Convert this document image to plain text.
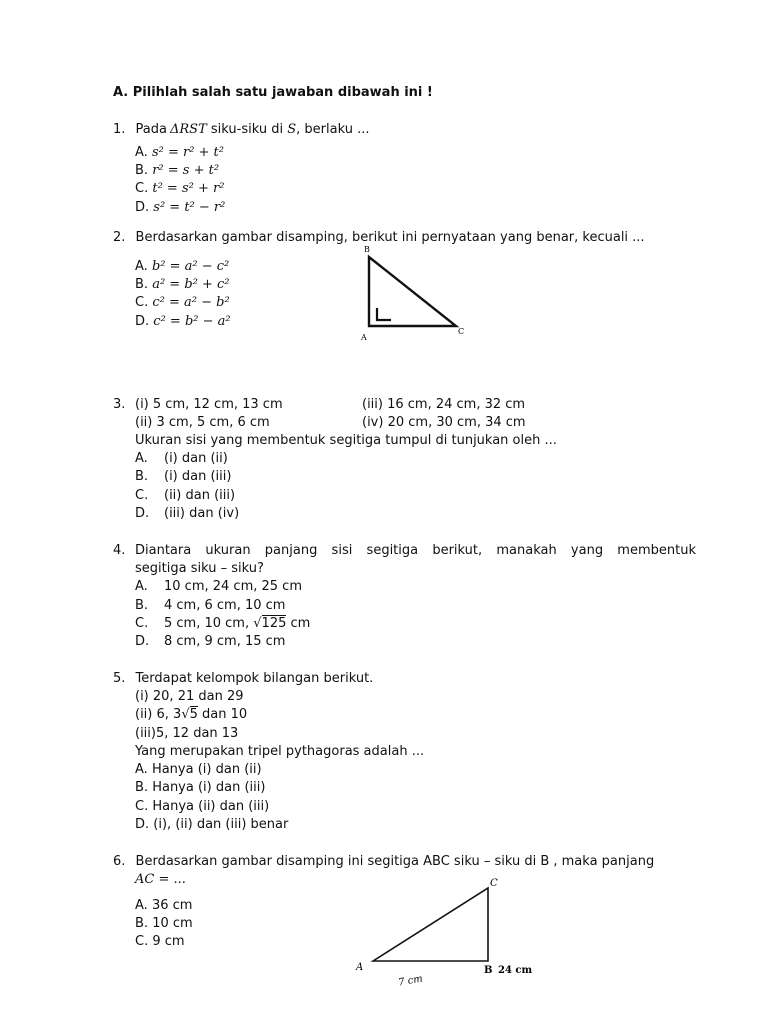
A. Pilihlah salah satu jawaban dibawah ini !
1. Pada ΔRST siku-siku di S, berlaku ...
A. s² = r² + t²
B. r² = s + t²
C. t² = s² + r²
D. s² = t² − r²
2. Berdasarkan gambar disamping, berikut ini pernyataan yang benar, kecuali ...
A. b² = a² − c²
B. a² = b² + c²
C. c² = a² − b²
D. c² = b² − a²
B
A
C
3. (i) 5 cm, 12 cm, 13 cm
(ii) 3 cm, 5 cm, 6 cm
(iii) 16 cm, 24 cm, 32 cm
(iv) 20 cm, 30 cm, 34 cm
Ukuran sisi yang membentuk segitiga tumpul di tunjukan oleh ...
A. (i) dan (ii)
B. (i) dan (iii)
C. (ii) dan (iii)
D. (iii) dan (iv)
4. Diantara ukuran panjang sisi segitiga berikut, manakah yang membentuk
segitiga siku – siku?
A. 10 cm, 24 cm, 25 cm
B. 4 cm, 6 cm, 10 cm
C. 5 cm, 10 cm, √125 cm
D. 8 cm, 9 cm, 15 cm
5. Terdapat kelompok bilangan berikut.
(i) 20, 21 dan 29
(ii) 6, 3√5 dan 10
(iii)5, 12 dan 13
Yang merupakan tripel pythagoras adalah ...
A. Hanya (i) dan (ii)
B. Hanya (i) dan (iii)
C. Hanya (ii) dan (iii)
D. (i), (ii) dan (iii) benar
6. Berdasarkan gambar disamping ini segitiga ABC siku – siku di B , maka panjang
AC = ...
A. 36 cm
B. 10 cm
C. 9 cm
C
A	B 24 cm
7 cm
